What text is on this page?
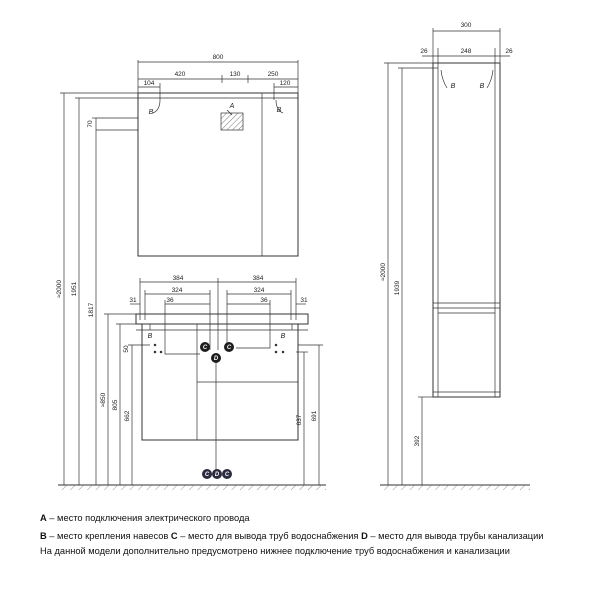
C	C
D
C D C
800
420	130	250
104	120
70
A
B	B
384	384
324	324
36	36
31	31
50
B	B
691
637
≈2000 1951
1817
≈850 805
662
300
26	248	26
B	B
≈2000
1939
392
A – место подключения электрического провода
B – место крепления навесов C – место для вывода труб водоснабжения D – место для вывода трубы канализации
На данной модели дополнительно предусмотрено нижнее подключение труб водоснабжения и канализации
